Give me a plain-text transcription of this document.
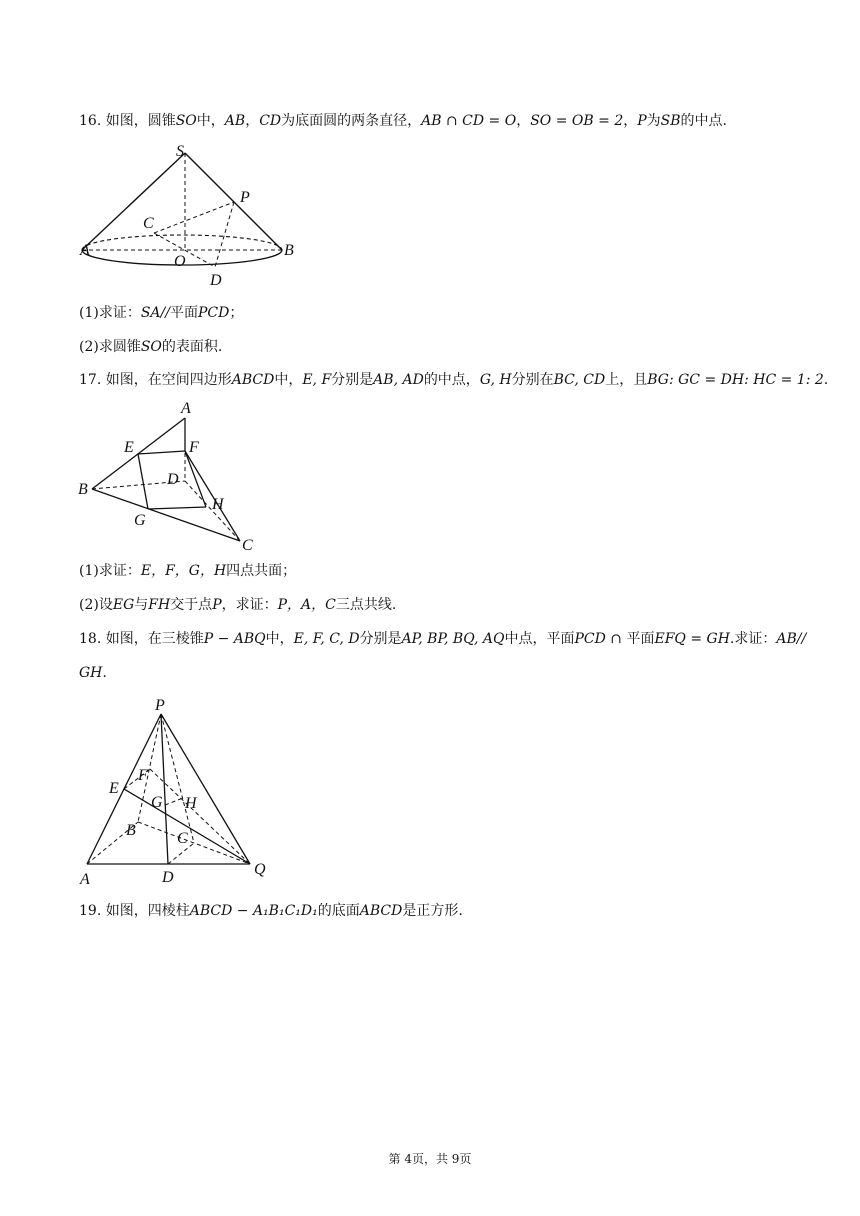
16. 如图，圆锥SO中，AB，CD为底面圆的两条直径，AB ∩ CD = O，SO = OB = 2，P为SB的中点.
S
P
C
A
O
B
D
(1)求证：SA//平面PCD；
(2)求圆锥SO的表面积.
17. 如图，在空间四边形ABCD中，E, F分别是AB, AD的中点，G, H分别在BC, CD上，且BG: GC = DH: HC = 1: 2.
A
E	F
D
B
H
G
C
(1)求证：E，F，G，H四点共面；
(2)设EG与FH交于点P，求证：P，A，C三点共线.
18. 如图，在三棱锥P − ABQ中，E, F, C, D分别是AP, BP, BQ, AQ中点，平面PCD ∩ 平面EFQ = GH.求证：AB//
GH.
P
F
E
G H
B	C
A	D	Q
19. 如图，四棱柱ABCD − A₁B₁C₁D₁的底面ABCD是正方形.
第 4页，共 9页
